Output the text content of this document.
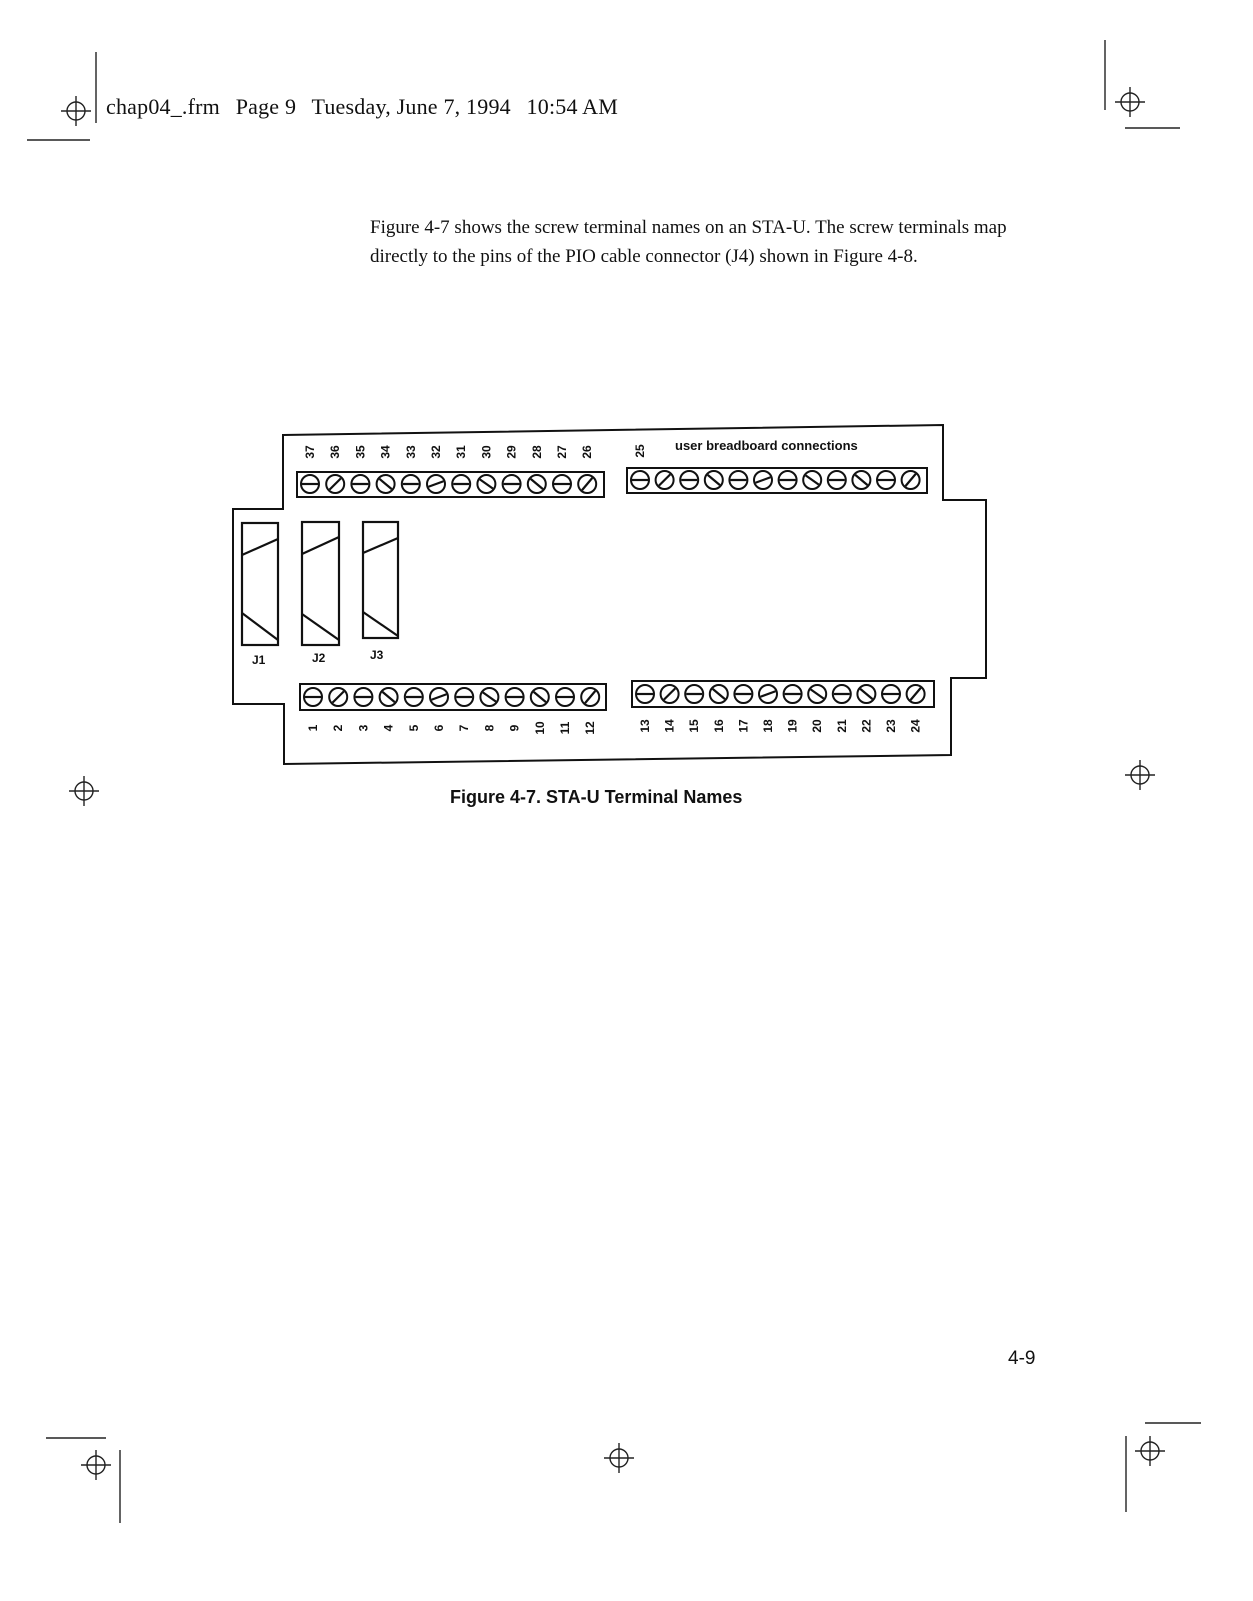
chap04_.frm Page 9 Tuesday, June 7, 1994 10:54 AM
Figure 4-7 shows the screw terminal names on an STA-U. The screw terminals map directly to the pins of the PIO cable connector (J4) shown in Figure 4-8.
J1	J2	J3
user breadboard connections
37 36 35 34 33 32 31 30 29 28 27 26	25
1 2 3 4 5 6 7 8 9 10 11 12	13 14 15 16 17 18 19 20 21 22 23 24
Figure 4-7. STA-U Terminal Names
4-9
